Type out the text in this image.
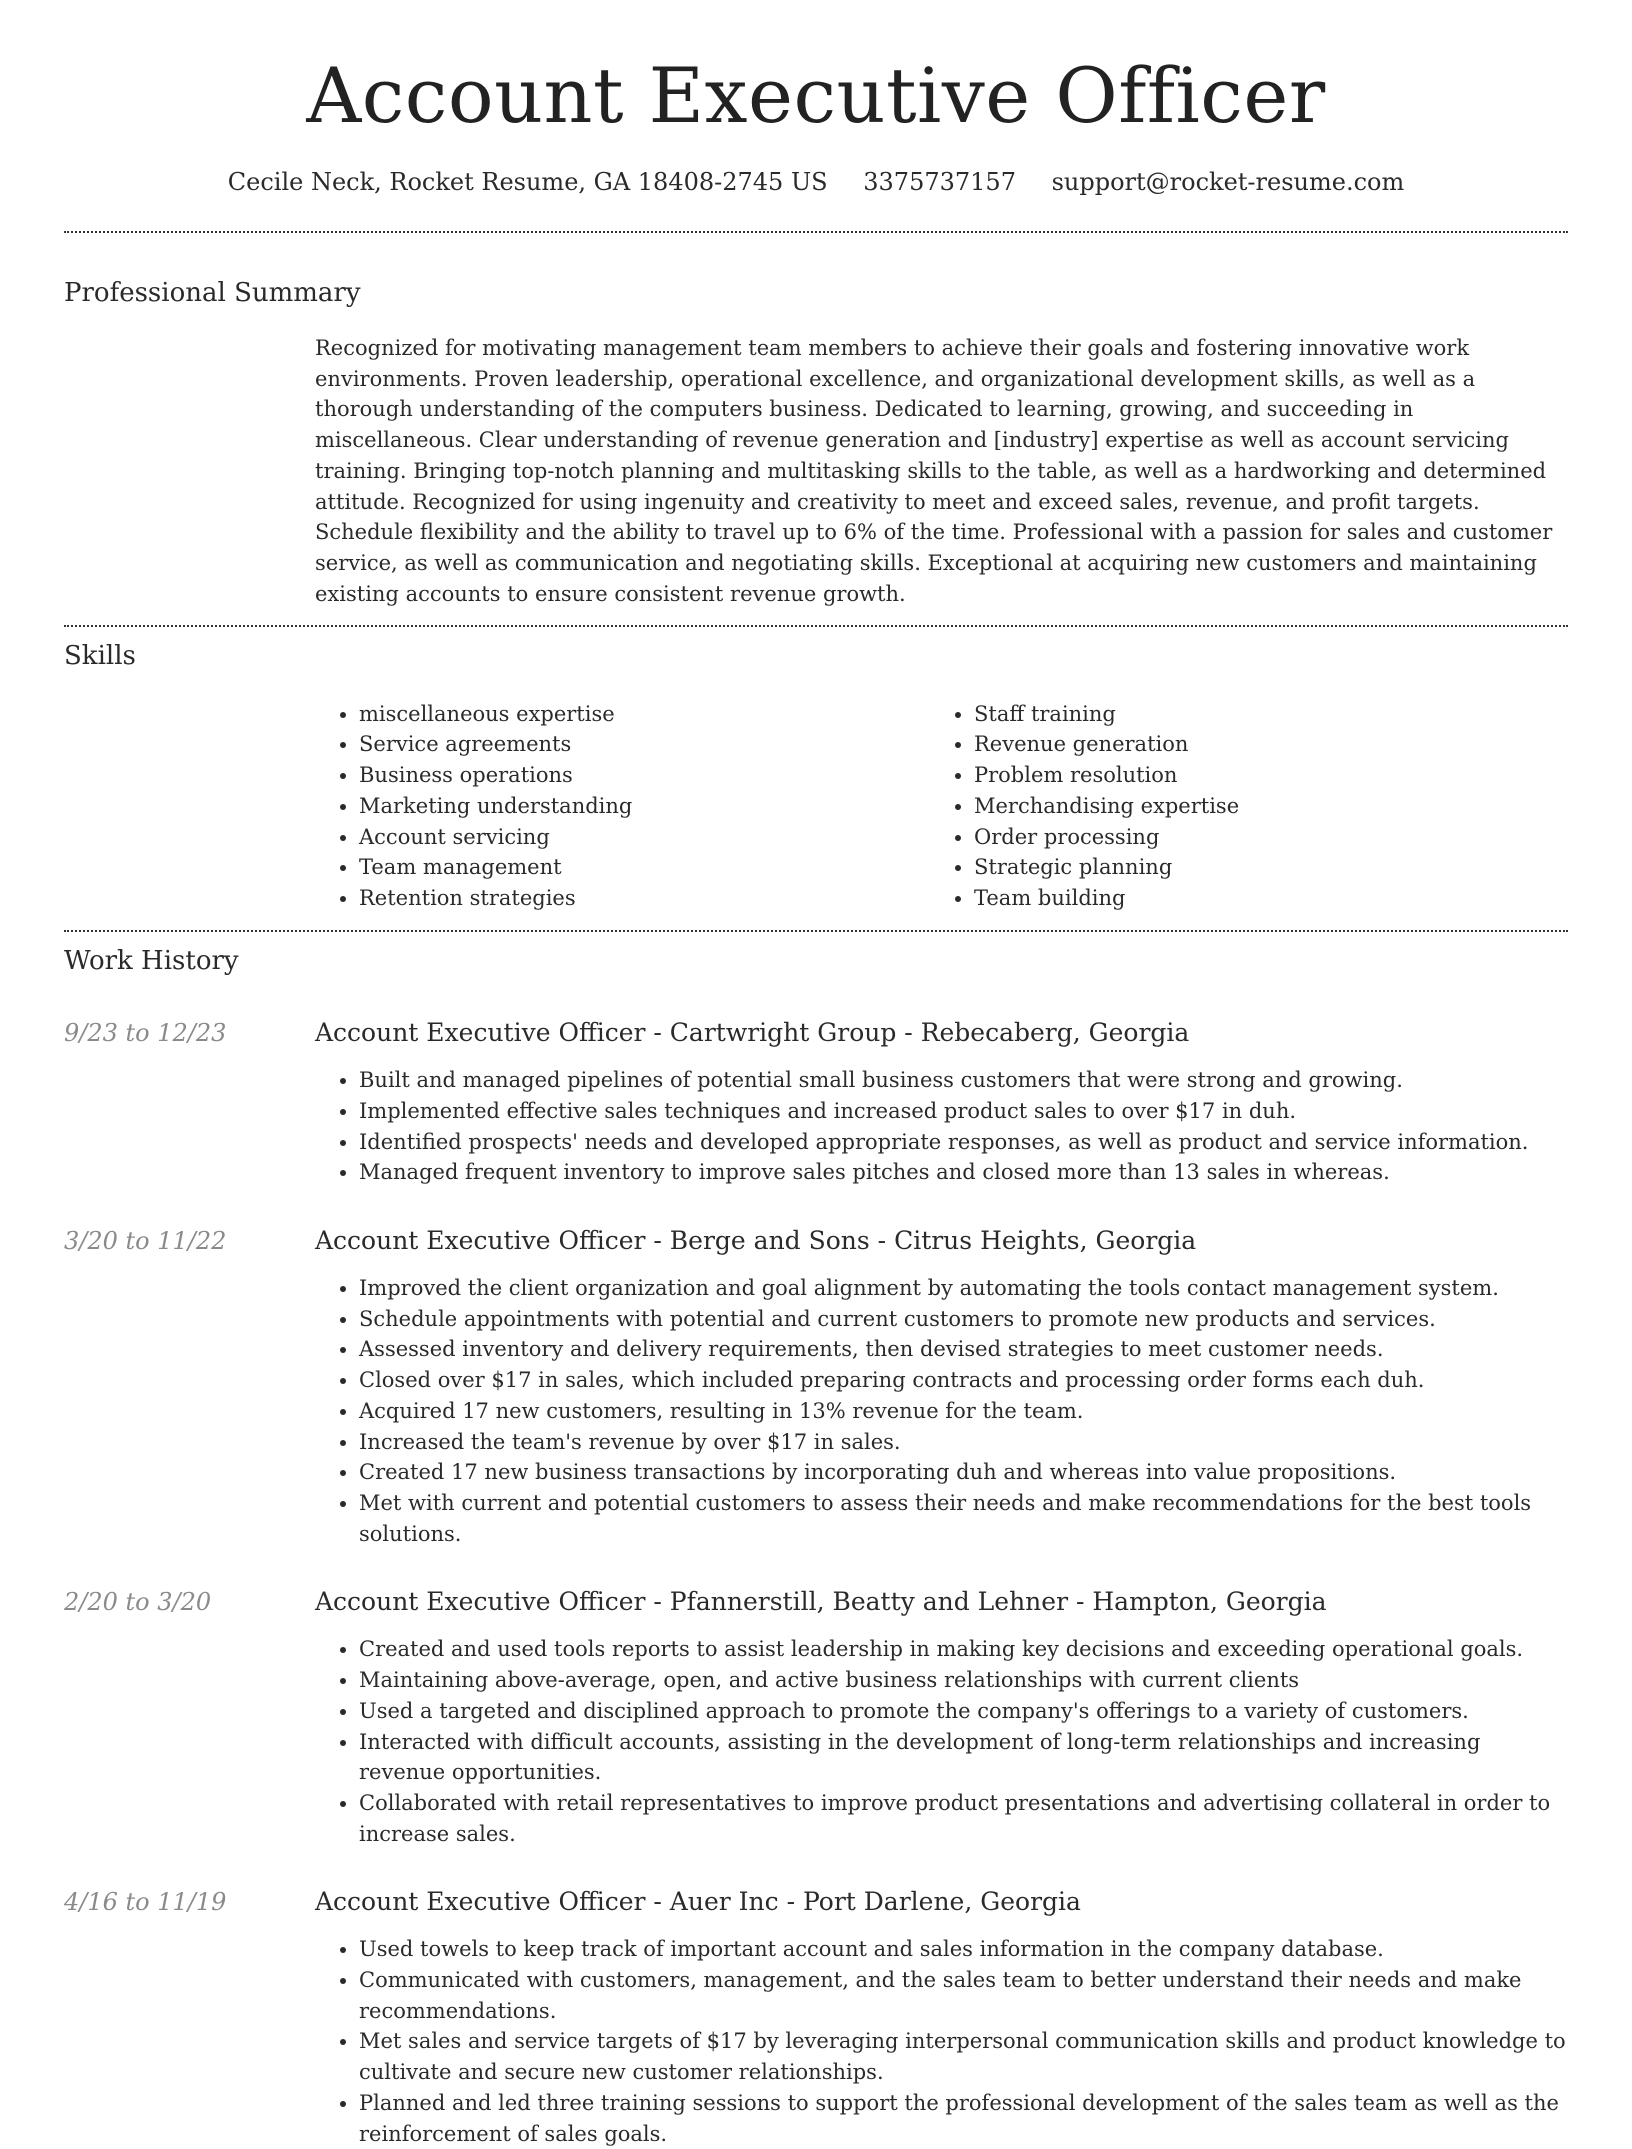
Account Executive Officer
Cecile Neck, Rocket Resume, GA 18408-2745 US 3375737157 support@rocket-resume.com
Professional Summary

Recognized for motivating management team members to achieve their goals and fostering innovative work environments. Proven leadership, operational excellence, and organizational development skills, as well as a thorough understanding of the computers business. Dedicated to learning, growing, and succeeding in miscellaneous. Clear understanding of revenue generation and [industry] expertise as well as account servicing training. Bringing top-notch planning and multitasking skills to the table, as well as a hardworking and determined attitude. Recognized for using ingenuity and creativity to meet and exceed sales, revenue, and profit targets. Schedule flexibility and the ability to travel up to 6% of the time. Professional with a passion for sales and customer service, as well as communication and negotiating skills. Exceptional at acquiring new customers and maintaining existing accounts to ensure consistent revenue growth.

Skills
• miscellaneous expertise
• Service agreements
• Business operations
• Marketing understanding
• Account servicing
• Team management
• Retention strategies
• Staff training
• Revenue generation
• Problem resolution
• Merchandising expertise
• Order processing
• Strategic planning
• Team building
Work History
9/23 to 12/23	Account Executive Officer - Cartwright Group - Rebecaberg, Georgia
• Built and managed pipelines of potential small business customers that were strong and growing.
• Implemented effective sales techniques and increased product sales to over $17 in duh.
• Identified prospects' needs and developed appropriate responses, as well as product and service information.
• Managed frequent inventory to improve sales pitches and closed more than 13 sales in whereas.
3/20 to 11/22	Account Executive Officer - Berge and Sons - Citrus Heights, Georgia
• Improved the client organization and goal alignment by automating the tools contact management system.
• Schedule appointments with potential and current customers to promote new products and services.
• Assessed inventory and delivery requirements, then devised strategies to meet customer needs.
• Closed over $17 in sales, which included preparing contracts and processing order forms each duh.
• Acquired 17 new customers, resulting in 13% revenue for the team.
• Increased the team's revenue by over $17 in sales.
• Created 17 new business transactions by incorporating duh and whereas into value propositions.
• Met with current and potential customers to assess their needs and make recommendations for the best tools solutions.
2/20 to 3/20	Account Executive Officer - Pfannerstill, Beatty and Lehner - Hampton, Georgia
• Created and used tools reports to assist leadership in making key decisions and exceeding operational goals.
• Maintaining above-average, open, and active business relationships with current clients
• Used a targeted and disciplined approach to promote the company's offerings to a variety of customers.
• Interacted with difficult accounts, assisting in the development of long-term relationships and increasing revenue opportunities.
• Collaborated with retail representatives to improve product presentations and advertising collateral in order to increase sales.
4/16 to 11/19	Account Executive Officer - Auer Inc - Port Darlene, Georgia
• Used towels to keep track of important account and sales information in the company database.
• Communicated with customers, management, and the sales team to better understand their needs and make recommendations.
• Met sales and service targets of $17 by leveraging interpersonal communication skills and product knowledge to cultivate and secure new customer relationships.
• Planned and led three training sessions to support the professional development of the sales team as well as the reinforcement of sales goals.
